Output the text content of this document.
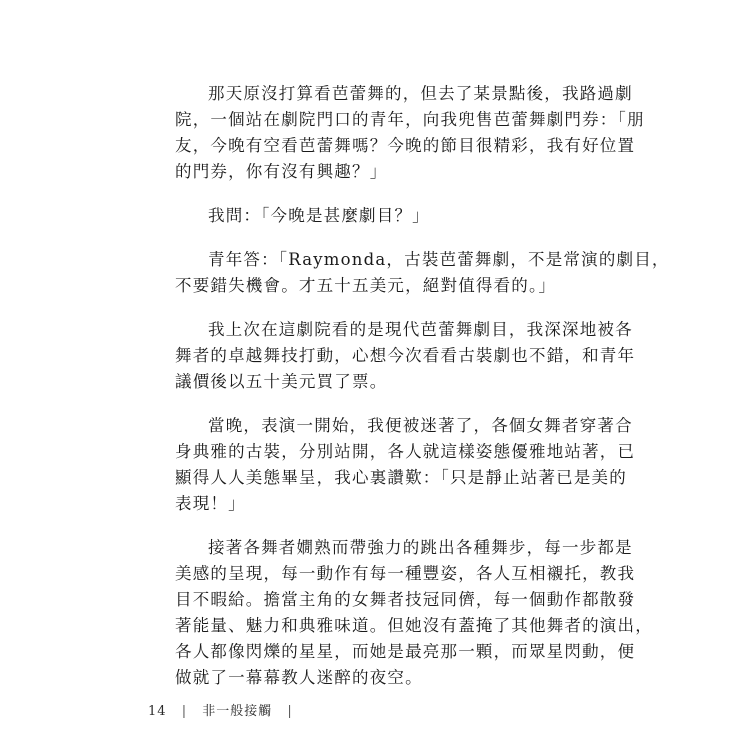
那天原沒打算看芭蕾舞的，但去了某景點後，我路過劇
院，一個站在劇院門口的青年，向我兜售芭蕾舞劇門券：「朋
友，今晚有空看芭蕾舞嗎？今晚的節目很精彩，我有好位置
的門券，你有沒有興趣？」

我問：「今晚是甚麼劇目？」

青年答：「Raymonda，古裝芭蕾舞劇，不是常演的劇目，
不要錯失機會。才五十五美元，絕對值得看的。」

我上次在這劇院看的是現代芭蕾舞劇目，我深深地被各
舞者的卓越舞技打動，心想今次看看古裝劇也不錯，和青年
議價後以五十美元買了票。

當晚，表演一開始，我便被迷著了，各個女舞者穿著合
身典雅的古裝，分別站開，各人就這樣姿態優雅地站著，已
顯得人人美態畢呈，我心裏讚歎：「只是靜止站著已是美的
表現！」

接著各舞者嫺熟而帶強力的跳出各種舞步，每一步都是
美感的呈現，每一動作有每一種豐姿，各人互相襯托，教我
目不暇給。擔當主角的女舞者技冠同儕，每一個動作都散發
著能量、魅力和典雅味道。但她沒有蓋掩了其他舞者的演出，
各人都像閃爍的星星，而她是最亮那一顆，而眾星閃動，便
做就了一幕幕教人迷醉的夜空。

14 | 非一般接觸 |
